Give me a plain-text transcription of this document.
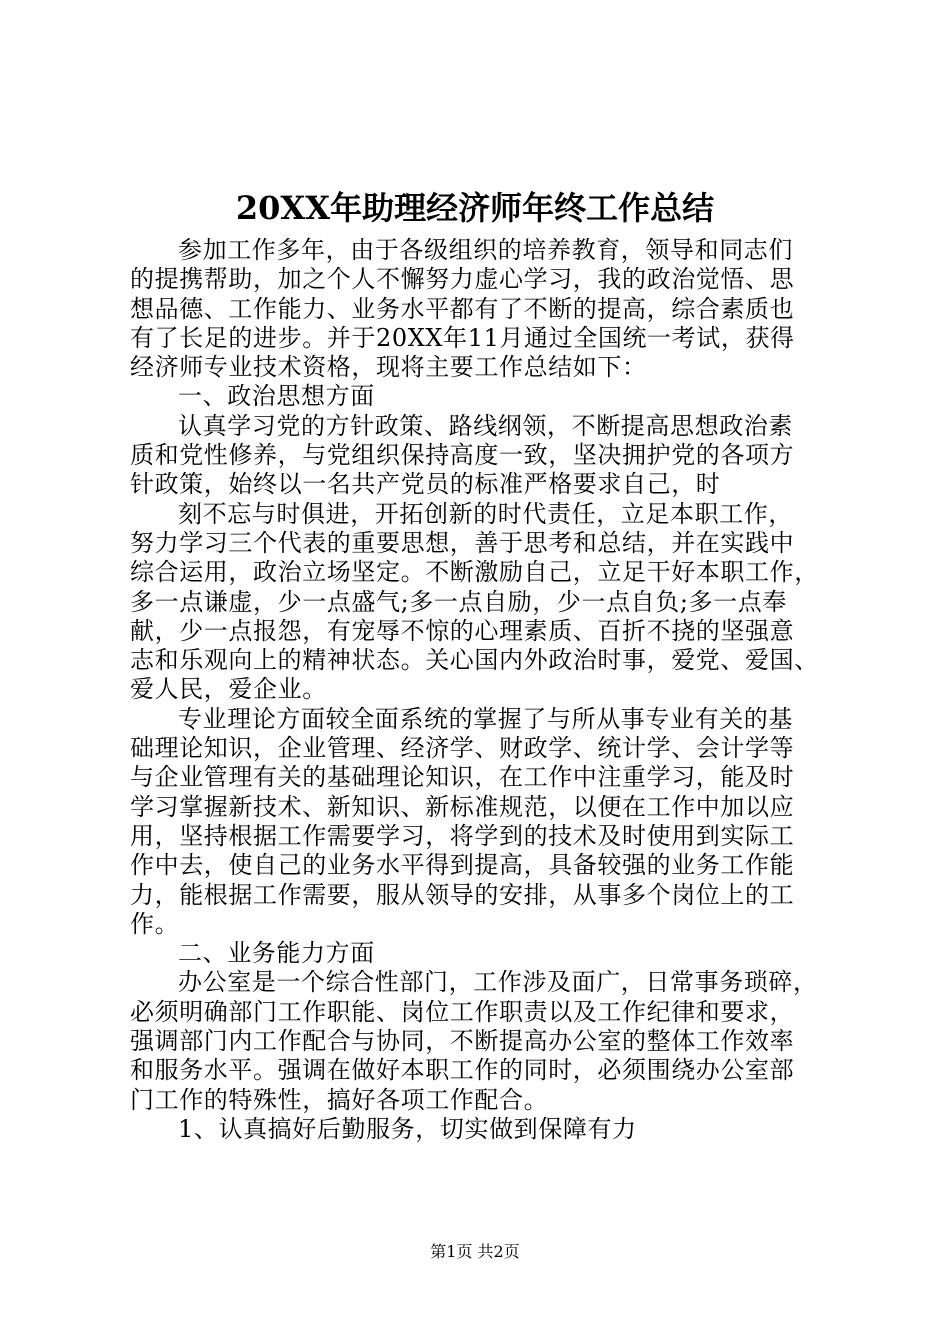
20XX年助理经济师年终工作总结
参加工作多年，由于各级组织的培养教育，领导和同志们
的提携帮助，加之个人不懈努力虚心学习，我的政治觉悟、思
想品德、工作能力、业务水平都有了不断的提高，综合素质也
有了长足的进步。并于20XX年11月通过全国统一考试，获得
经济师专业技术资格，现将主要工作总结如下：
一、政治思想方面
认真学习党的方针政策、路线纲领，不断提高思想政治素
质和党性修养，与党组织保持高度一致，坚决拥护党的各项方
针政策，始终以一名共产党员的标准严格要求自己，时
刻不忘与时俱进，开拓创新的时代责任，立足本职工作，
努力学习三个代表的重要思想，善于思考和总结，并在实践中
综合运用，政治立场坚定。不断激励自己，立足干好本职工作，
多一点谦虚，少一点盛气;多一点自励，少一点自负;多一点奉
献，少一点报怨，有宠辱不惊的心理素质、百折不挠的坚强意
志和乐观向上的精神状态。关心国内外政治时事，爱党、爱国、
爱人民，爱企业。
专业理论方面较全面系统的掌握了与所从事专业有关的基
础理论知识，企业管理、经济学、财政学、统计学、会计学等
与企业管理有关的基础理论知识，在工作中注重学习，能及时
学习掌握新技术、新知识、新标准规范，以便在工作中加以应
用，坚持根据工作需要学习，将学到的技术及时使用到实际工
作中去，使自己的业务水平得到提高，具备较强的业务工作能
力，能根据工作需要，服从领导的安排，从事多个岗位上的工
作。
二、业务能力方面
办公室是一个综合性部门，工作涉及面广，日常事务琐碎，
必须明确部门工作职能、岗位工作职责以及工作纪律和要求，
强调部门内工作配合与协同，不断提高办公室的整体工作效率
和服务水平。强调在做好本职工作的同时，必须围绕办公室部
门工作的特殊性，搞好各项工作配合。
1、认真搞好后勤服务，切实做到保障有力
第1页 共2页
